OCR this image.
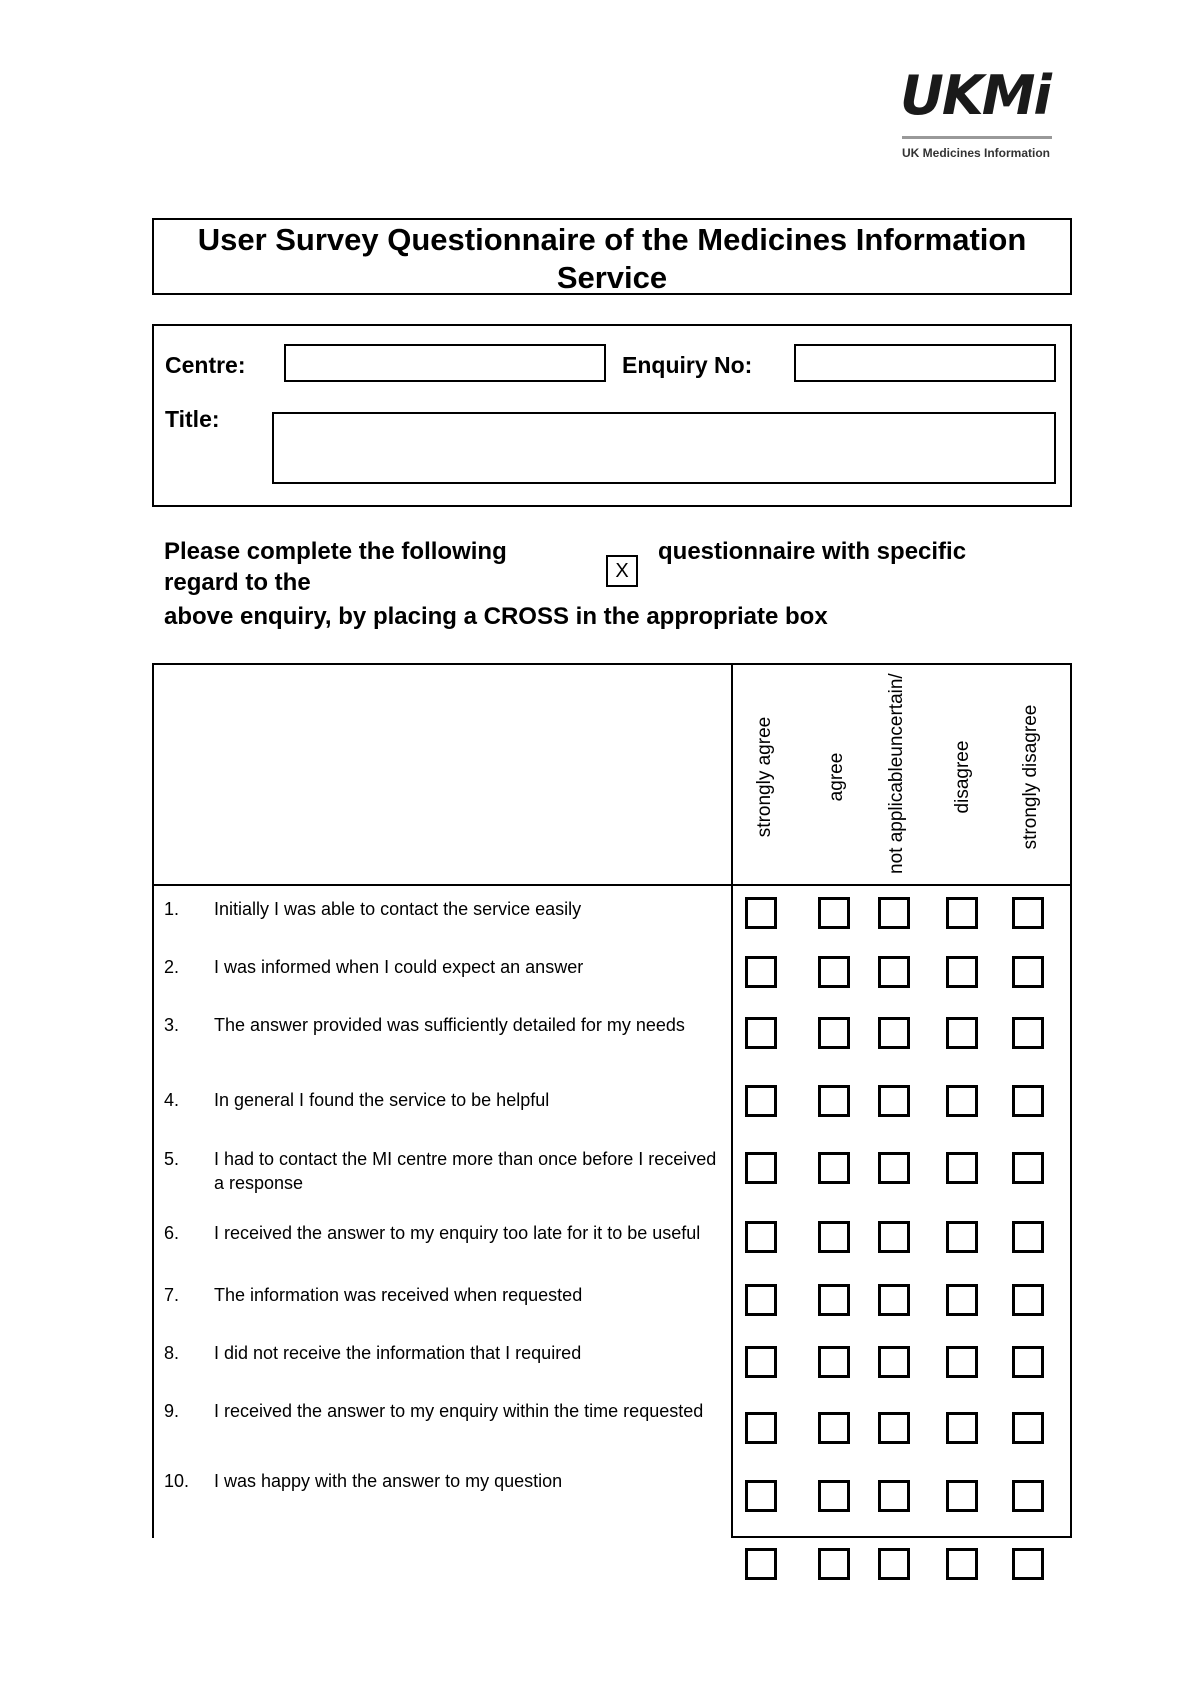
UKMi
UK Medicines Information
User Survey Questionnaire of the Medicines Information
Service
Centre:	Enquiry No:
Title:
Please complete the following
X
questionnaire with specific
regard to the
above enquiry, by placing a CROSS in the appropriate box
strongly agree	agree not applicableuncertain/ disagree strongly disagree
1. Initially I was able to contact the service easily
2. I was informed when I could expect an answer
3. The answer provided was sufficiently detailed for my needs
4. In general I found the service to be helpful
5. I had to contact the MI centre more than once before I received a response
6. I received the answer to my enquiry too late for it to be useful
7. The information was received when requested
8. I did not receive the information that I required
9. I received the answer to my enquiry within the time requested
10. I was happy with the answer to my question
